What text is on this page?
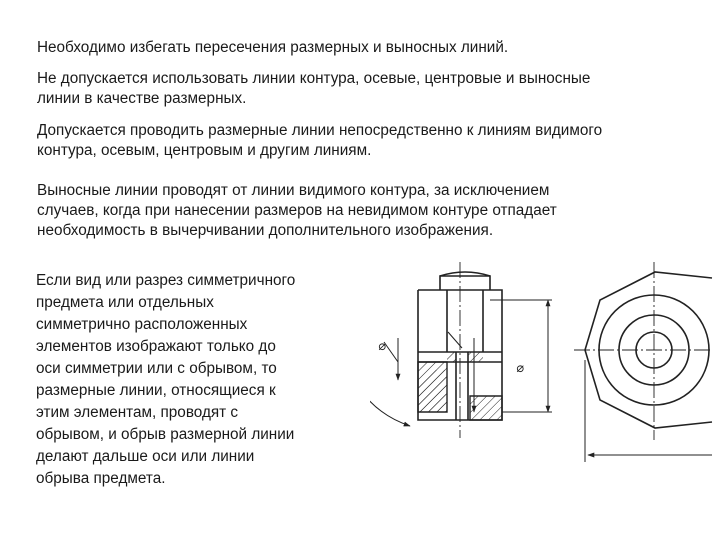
Необходимо избегать пересечения размерных и выносных линий.

Не допускается использовать линии контура, осевые, центровые и выносные
линии в качестве размерных.

Допускается проводить размерные линии непосредственно к линиям видимого
контура, осевым, центровым и другим линиям.

Выносные линии проводят от линии видимого контура, за исключением
случаев, когда при нанесении размеров на невидимом контуре отпадает
необходимость в вычерчивании дополнительного изображения.

Если вид или разрез симметричного
предмета или отдельных
симметрично расположенных
элементов изображают только до
оси симметрии или с обрывом, то
размерные линии, относящиеся к
этим элементам, проводят с
обрывом, и обрыв размерной линии
делают дальше оси или линии
обрыва предмета.

⌀
⌀
